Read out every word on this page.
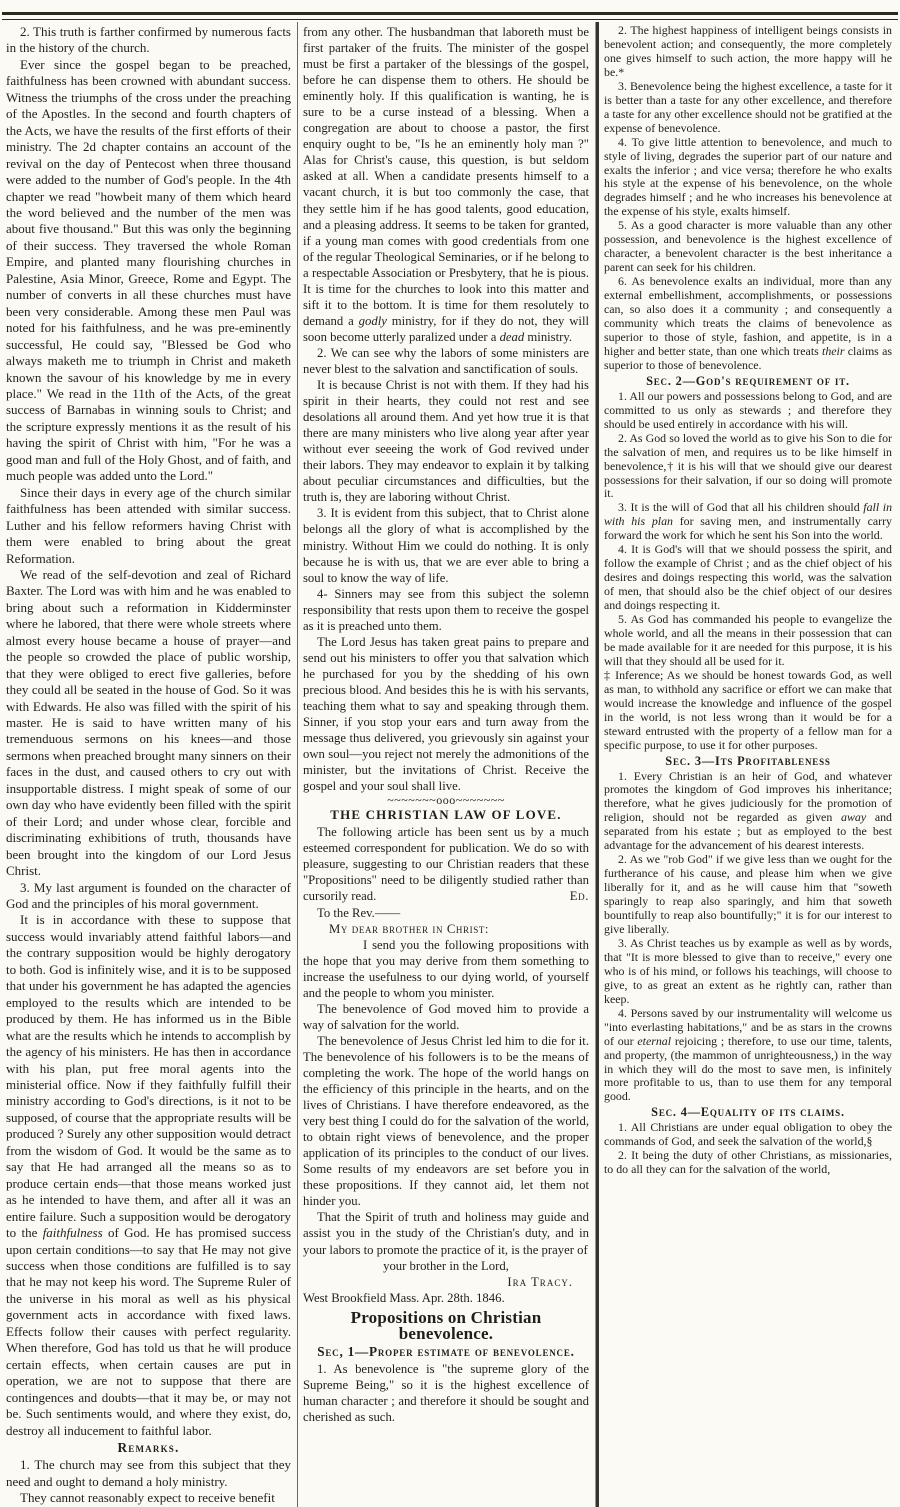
2. This truth is farther confirmed by numerous facts in the history of the church.

Ever since the gospel began to be preached, faithfulness has been crowned with abundant success. Witness the triumphs of the cross under the preaching of the Apostles. In the second and fourth chapters of the Acts, we have the results of the first efforts of their ministry. The 2d chapter contains an account of the revival on the day of Pentecost when three thousand were added to the number of God's people. In the 4th chapter we read "howbeit many of them which heard the word believed and the number of the men was about five thousand." But this was only the beginning of their success. They traversed the whole Roman Empire, and planted many flourishing churches in Palestine, Asia Minor, Greece, Rome and Egypt. The number of converts in all these churches must have been very considerable. Among these men Paul was noted for his faithfulness, and he was pre-eminently successful, He could say, "Blessed be God who always maketh me to triumph in Christ and maketh known the savour of his knowledge by me in every place." We read in the 11th of the Acts, of the great success of Barnabas in winning souls to Christ; and the scripture expressly mentions it as the result of his having the spirit of Christ with him, "For he was a good man and full of the Holy Ghost, and of faith, and much people was added unto the Lord."

Since their days in every age of the church similar faithfulness has been attended with similar success. Luther and his fellow reformers having Christ with them were enabled to bring about the great Reformation.

We read of the self-devotion and zeal of Richard Baxter. The Lord was with him and he was enabled to bring about such a reformation in Kidderminster where he labored, that there were whole streets where almost every house became a house of prayer—and the people so crowded the place of public worship, that they were obliged to erect five galleries, before they could all be seated in the house of God. So it was with Edwards. He also was filled with the spirit of his master. He is said to have written many of his tremenduous sermons on his knees—and those sermons when preached brought many sinners on their faces in the dust, and caused others to cry out with insupportable distress. I might speak of some of our own day who have evidently been filled with the spirit of their Lord; and under whose clear, forcible and discriminating exhibitions of truth, thousands have been brought into the kingdom of our Lord Jesus Christ.

3. My last argument is founded on the character of God and the principles of his moral government.

It is in accordance with these to suppose that success would invariably attend faithful labors—and the contrary supposition would be highly derogatory to both. God is infinitely wise, and it is to be supposed that under his government he has adapted the agencies employed to the results which are intended to be produced by them. He has informed us in the Bible what are the results which he intends to accomplish by the agency of his ministers. He has then in accordance with his plan, put free moral agents into the ministerial office. Now if they faithfully fulfill their ministry according to God's directions, is it not to be supposed, of course that the appropriate results will be produced ? Surely any other supposition would detract from the wisdom of God. It would be the same as to say that He had arranged all the means so as to produce certain ends—that those means worked just as he intended to have them, and after all it was an entire failure. Such a supposition would be derogatory to the faithfulness of God. He has promised success upon certain conditions—to say that He may not give success when those conditions are fulfilled is to say that he may not keep his word. The Supreme Ruler of the universe in his moral as well as his physical government acts in accordance with fixed laws. Effects follow their causes with perfect regularity. When therefore, God has told us that he will produce certain effects, when certain causes are put in operation, we are not to suppose that there are contingences and doubts—that it may be, or may not be. Such sentiments would, and where they exist, do, destroy all inducement to faithful labor.

Remarks.

1. The church may see from this subject that they need and ought to demand a holy ministry.

They cannot reasonably expect to receive benefit

from any other. The husbandman that laboreth must be first partaker of the fruits. The minister of the gospel must be first a partaker of the blessings of the gospel, before he can dispense them to others. He should be eminently holy. If this qualification is wanting, he is sure to be a curse instead of a blessing. When a congregation are about to choose a pastor, the first enquiry ought to be, "Is he an eminently holy man ?" Alas for Christ's cause, this question, is but seldom asked at all. When a candidate presents himself to a vacant church, it is but too commonly the case, that they settle him if he has good talents, good education, and a pleasing address. It seems to be taken for granted, if a young man comes with good credentials from one of the regular Theological Seminaries, or if he belong to a respectable Association or Presbytery, that he is pious. It is time for the churches to look into this matter and sift it to the bottom. It is time for them resolutely to demand a godly ministry, for if they do not, they will soon become utterly paralized under a dead ministry.

2. We can see why the labors of some ministers are never blest to the salvation and sanctification of souls.

It is because Christ is not with them. If they had his spirit in their hearts, they could not rest and see desolations all around them. And yet how true it is that there are many ministers who live along year after year without ever seeeing the work of God revived under their labors. They may endeavor to explain it by talking about peculiar circumstances and difficulties, but the truth is, they are laboring without Christ.

3. It is evident from this subject, that to Christ alone belongs all the glory of what is accomplished by the ministry. Without Him we could do nothing. It is only because he is with us, that we are ever able to bring a soul to know the way of life.

4- Sinners may see from this subject the solemn responsibility that rests upon them to receive the gospel as it is preached unto them.

The Lord Jesus has taken great pains to prepare and send out his ministers to offer you that salvation which he purchased for you by the shedding of his own precious blood. And besides this he is with his servants, teaching them what to say and speaking through them. Sinner, if you stop your ears and turn away from the message thus delivered, you grievously sin against your own soul—you reject not merely the admonitions of the minister, but the invitations of Christ. Receive the gospel and your soul shall live.

~~~~~~~ooo~~~~~~~
THE CHRISTIAN LAW OF LOVE.

The following article has been sent us by a much esteemed correspondent for publication. We do so with pleasure, suggesting to our Christian readers that these "Propositions" need to be diligently studied rather than cursorily read.	Ed.

To the Rev.——

My dear brother in Christ:

I send you the following propositions with the hope that you may derive from them something to increase the usefulness to our dying world, of yourself and the people to whom you minister.

The benevolence of God moved him to provide a way of salvation for the world.

The benevolence of Jesus Christ led him to die for it. The benevolence of his followers is to be the means of completing the work. The hope of the world hangs on the efficiency of this principle in the hearts, and on the lives of Christians. I have therefore endeavored, as the very best thing I could do for the salvation of the world, to obtain right views of benevolence, and the proper application of its principles to the conduct of our lives. Some results of my endeavors are set before you in these propositions. If they cannot aid, let them not hinder you.

That the Spirit of truth and holiness may guide and assist you in the study of the Christian's duty, and in your labors to promote the practice of it, is the prayer of

your brother in the Lord,
Ira Tracy.

West Brookfield Mass. Apr. 28th. 1846.

Propositions on Christian benevolence.
Sec, 1—Proper estimate of benevolence.

1. As benevolence is "the supreme glory of the Supreme Being," so it is the highest excellence of human character ; and therefore it should be sought and cherished as such.

2. The highest happiness of intelligent beings consists in benevolent action; and consequently, the more completely one gives himself to such action, the more happy will he be.*

3. Benevolence being the highest excellence, a taste for it is better than a taste for any other excellence, and therefore a taste for any other excellence should not be gratified at the expense of benevolence.

4. To give little attention to benevolence, and much to style of living, degrades the superior part of our nature and exalts the inferior ; and vice versa; therefore he who exalts his style at the expense of his benevolence, on the whole degrades himself ; and he who increases his benevolence at the expense of his style, exalts himself.

5. As a good character is more valuable than any other possession, and benevolence is the highest excellence of character, a benevolent character is the best inheritance a parent can seek for his children.

6. As benevolence exalts an individual, more than any external embellishment, accomplishments, or possessions can, so also does it a community ; and consequently a community which treats the claims of benevolence as superior to those of style, fashion, and appetite, is in a higher and better state, than one which treats their claims as superior to those of benevolence.

Sec. 2—God's requirement of it.

1. All our powers and possessions belong to God, and are committed to us only as stewards ; and therefore they should be used entirely in accordance with his will.

2. As God so loved the world as to give his Son to die for the salvation of men, and requires us to be like himself in benevolence,† it is his will that we should give our dearest possessions for their salvation, if our so doing will promote it.

3. It is the will of God that all his children should fall in with his plan for saving men, and instrumentally carry forward the work for which he sent his Son into the world.

4. It is God's will that we should possess the spirit, and follow the example of Christ ; and as the chief object of his desires and doings respecting this world, was the salvation of men, that should also be the chief object of our desires and doings respecting it.

5. As God has commanded his people to evangelize the whole world, and all the means in their possession that can be made available for it are needed for this purpose, it is his will that they should all be used for it.

‡ Inference; As we should be honest towards God, as well as man, to withhold any sacrifice or effort we can make that would increase the knowledge and influence of the gospel in the world, is not less wrong than it would be for a steward entrusted with the property of a fellow man for a specific purpose, to use it for other purposes.

Sec. 3—Its Profitableness

1. Every Christian is an heir of God, and whatever promotes the kingdom of God improves his inheritance; therefore, what he gives judiciously for the promotion of religion, should not be regarded as given away and separated from his estate ; but as employed to the best advantage for the advancement of his dearest interests.

2. As we "rob God" if we give less than we ought for the furtherance of his cause, and please him when we give liberally for it, and as he will cause him that "soweth sparingly to reap also sparingly, and him that soweth bountifully to reap also bountifully;" it is for our interest to give liberally.

3. As Christ teaches us by example as well as by words, that "It is more blessed to give than to receive," every one who is of his mind, or follows his teachings, will choose to give, to as great an extent as he rightly can, rather than keep.

4. Persons saved by our instrumentality will welcome us "into everlasting habitations," and be as stars in the crowns of our eternal rejoicing ; therefore, to use our time, talents, and property, (the mammon of unrighteousness,) in the way in which they will do the most to save men, is infinitely more profitable to us, than to use them for any temporal good.

Sec. 4—Equality of its claims.

1. All Christians are under equal obligation to obey the commands of God, and seek the salvation of the world,§

2. It being the duty of other Christians, as missionaries, to do all they can for the salvation of the world,
